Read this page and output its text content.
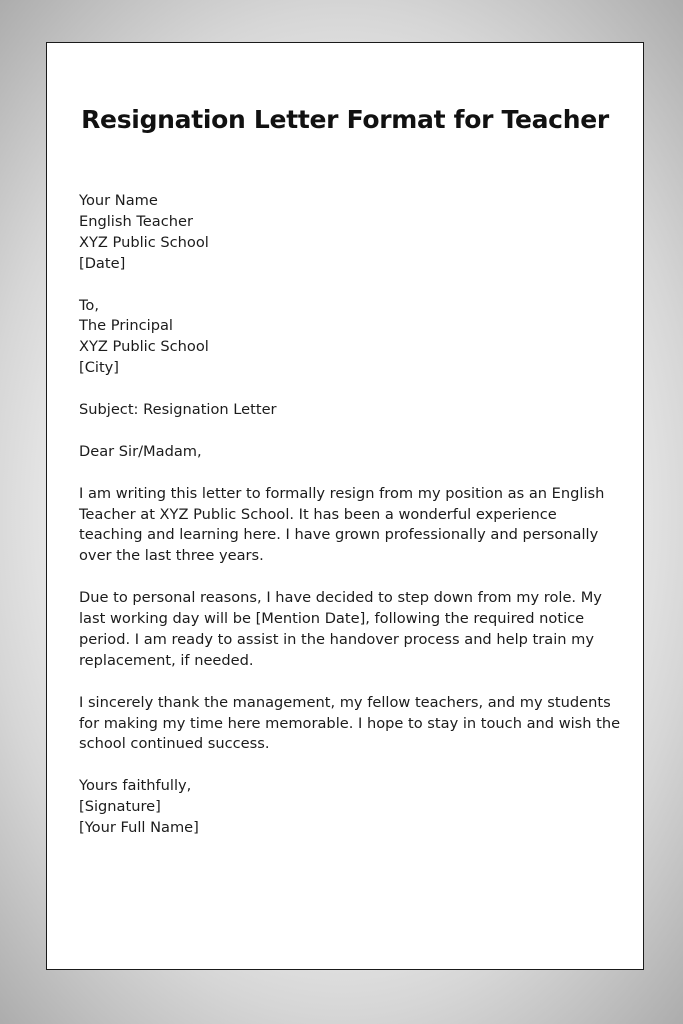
Resignation Letter Format for Teacher
Your Name
English Teacher
XYZ Public School
[Date]
To,
The Principal
XYZ Public School
[City]
Subject: Resignation Letter
Dear Sir/Madam,
I am writing this letter to formally resign from my position as an English
Teacher at XYZ Public School. It has been a wonderful experience
teaching and learning here. I have grown professionally and personally
over the last three years.
Due to personal reasons, I have decided to step down from my role. My
last working day will be [Mention Date], following the required notice
period. I am ready to assist in the handover process and help train my
replacement, if needed.
I sincerely thank the management, my fellow teachers, and my students
for making my time here memorable. I hope to stay in touch and wish the
school continued success.
Yours faithfully,
[Signature]
[Your Full Name]
